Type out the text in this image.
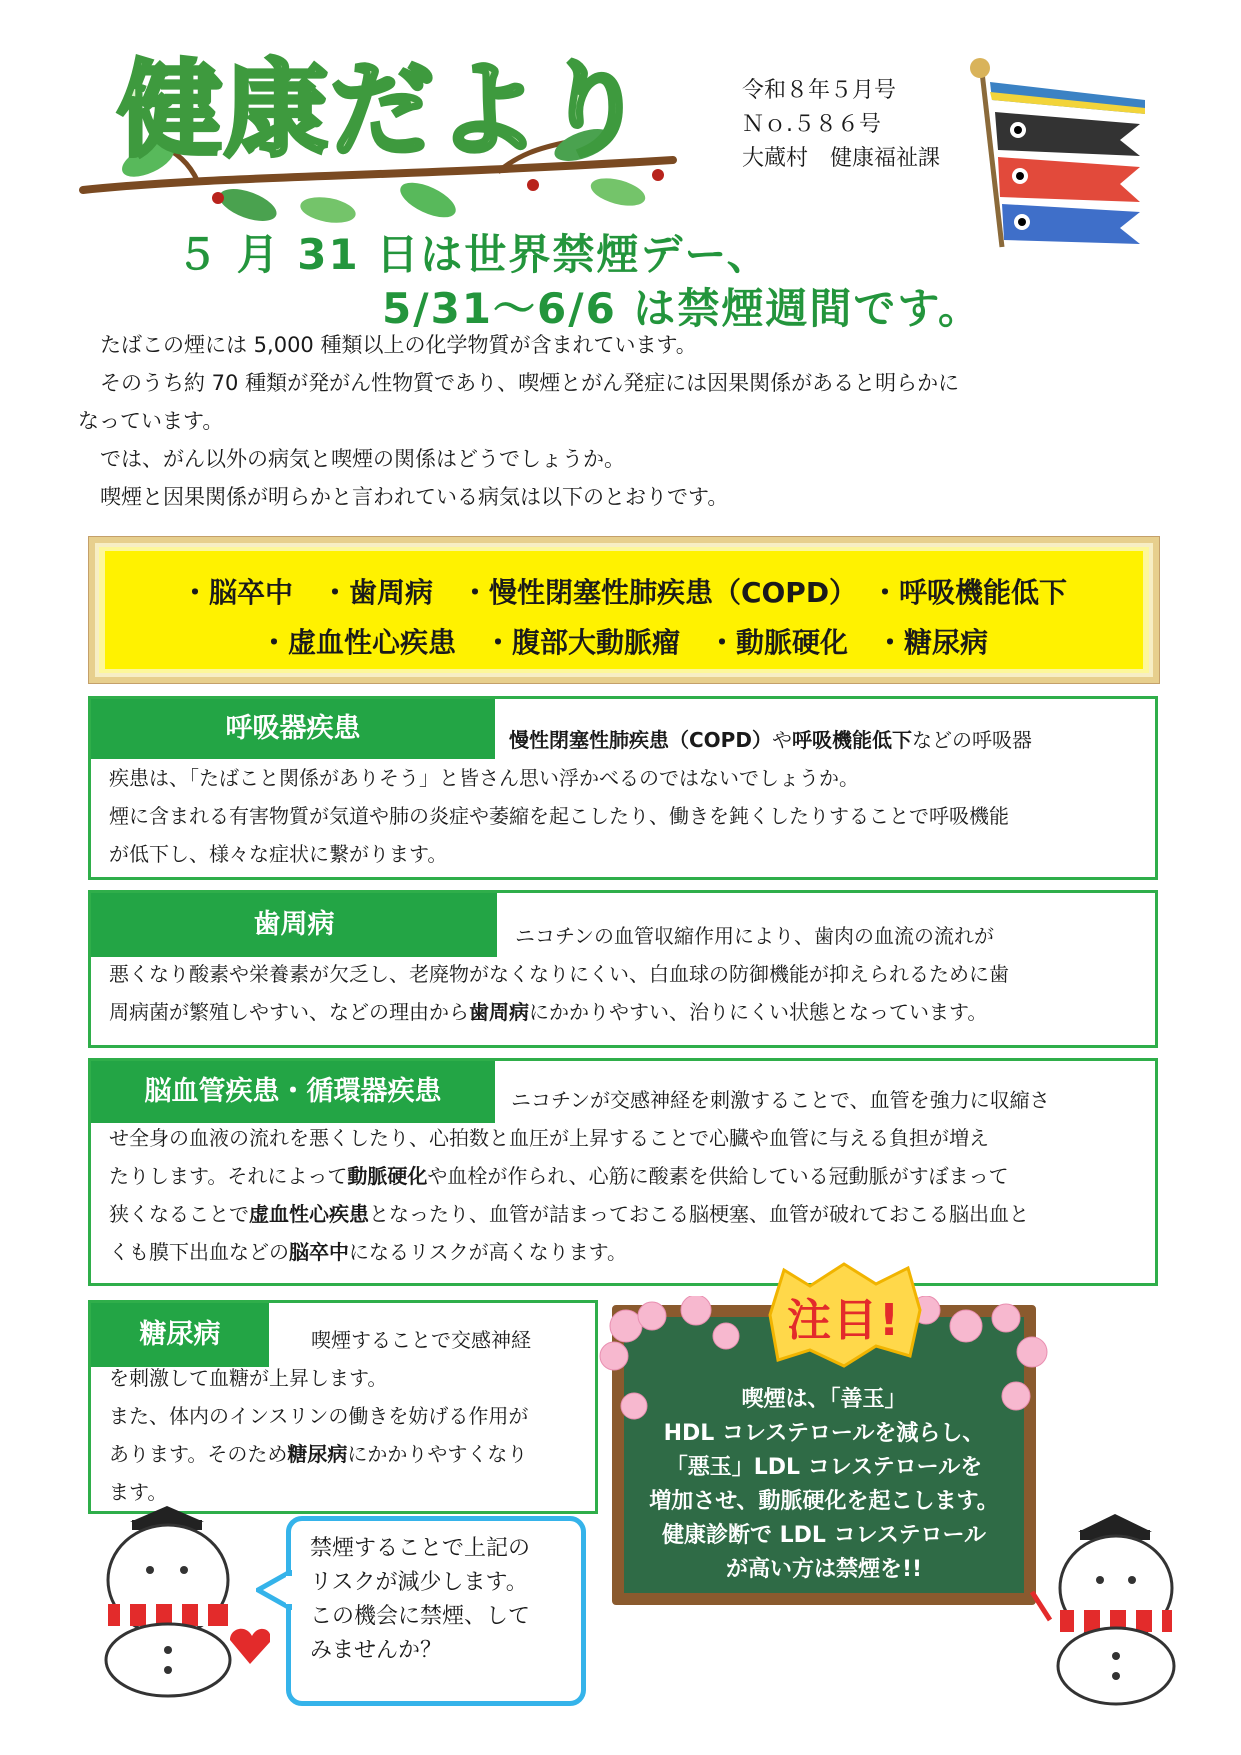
健康だより	令和８年５月号
Ｎｏ.５８６号
大蔵村　健康福祉課
５ 月 31 日は世界禁煙デー、
5/31～6/6 は禁煙週間です。

たばこの煙には 5,000 種類以上の化学物質が含まれています。

そのうち約 70 種類が発がん性物質であり、喫煙とがん発症には因果関係があると明らかに

なっています。

では、がん以外の病気と喫煙の関係はどうでしょうか。

喫煙と因果関係が明らかと言われている病気は以下のとおりです。

・脳卒中　・歯周病　・慢性閉塞性肺疾患（COPD）　・呼吸機能低下
・虚血性心疾患　・腹部大動脈瘤　・動脈硬化　・糖尿病
呼吸器疾患	慢性閉塞性肺疾患（COPD）や呼吸機能低下などの呼吸器
疾患は、「たばこと関係がありそう」と皆さん思い浮かべるのではないでしょうか。
煙に含まれる有害物質が気道や肺の炎症や萎縮を起こしたり、働きを鈍くしたりすることで呼吸機能
が低下し、様々な症状に繋がります。
歯周病	ニコチンの血管収縮作用により、歯肉の血流の流れが
悪くなり酸素や栄養素が欠乏し、老廃物がなくなりにくい、白血球の防御機能が抑えられるために歯
周病菌が繁殖しやすい、などの理由から歯周病にかかりやすい、治りにくい状態となっています。
脳血管疾患・循環器疾患	ニコチンが交感神経を刺激することで、血管を強力に収縮さ
せ全身の血液の流れを悪くしたり、心拍数と血圧が上昇することで心臓や血管に与える負担が増え
たりします。それによって動脈硬化や血栓が作られ、心筋に酸素を供給している冠動脈がすぼまって
狭くなることで虚血性心疾患となったり、血管が詰まっておこる脳梗塞、血管が破れておこる脳出血と
くも膜下出血などの脳卒中になるリスクが高くなります。
糖尿病	喫煙することで交感神経
を刺激して血糖が上昇します。
また、体内のインスリンの働きを妨げる作用が
あります。そのため糖尿病にかかりやすくなり
ます。
注目!
喫煙は、「善玉」
HDL コレステロールを減らし、
「悪玉」LDL コレステロールを
増加させ、動脈硬化を起こします。
健康診断で LDL コレステロール
が高い方は禁煙を!!
禁煙することで上記の
リスクが減少します。
この機会に禁煙、して
みませんか？
